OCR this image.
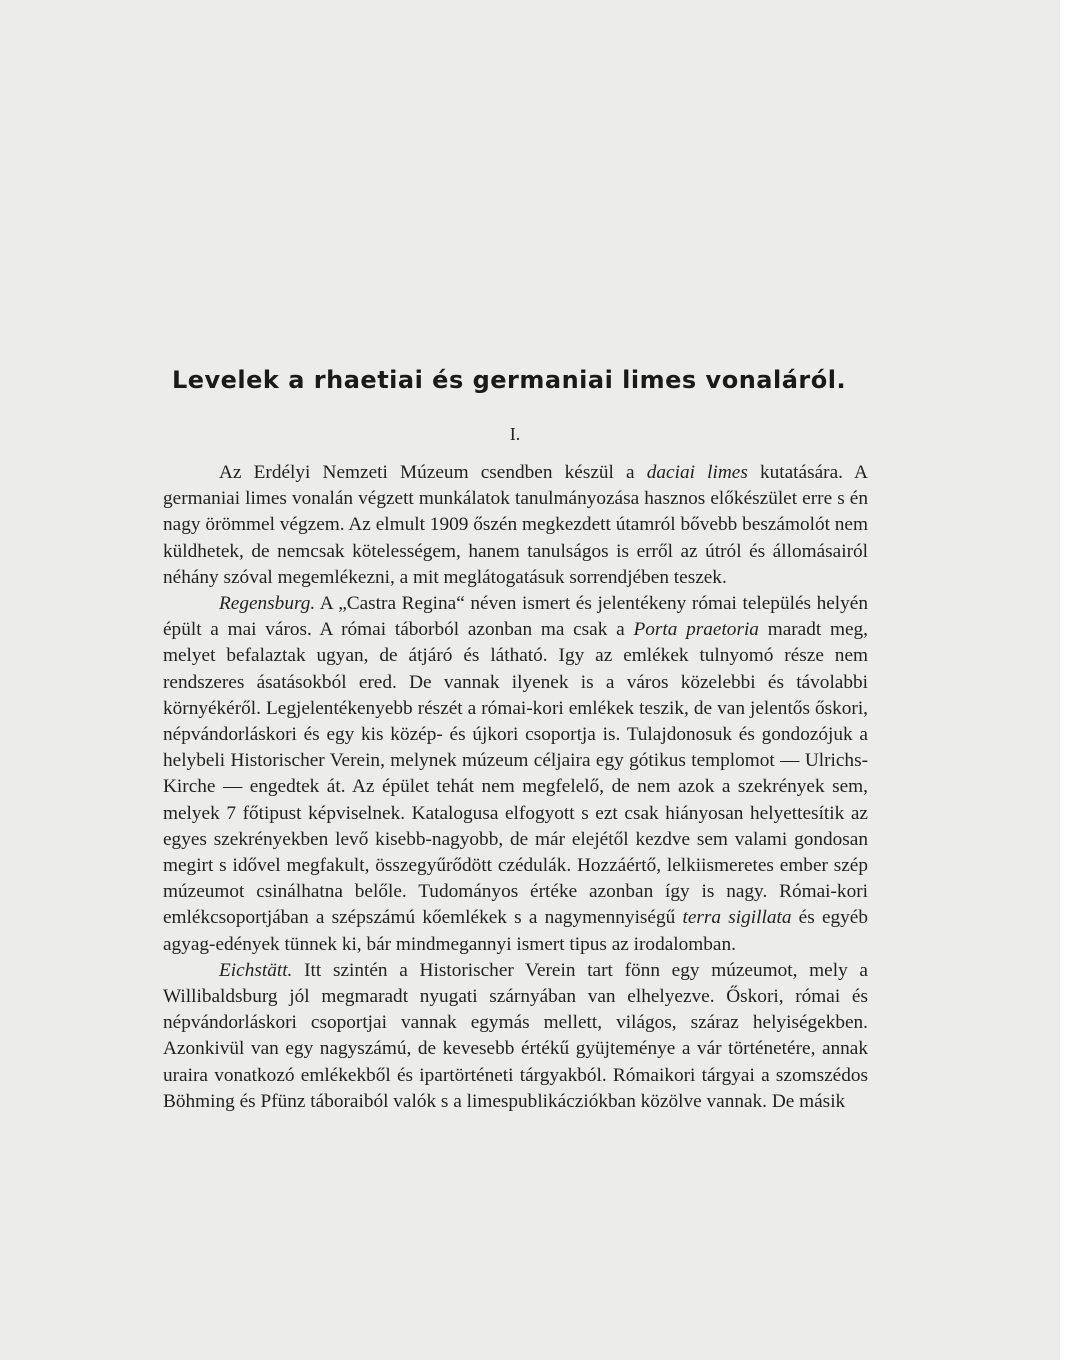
Levelek a rhaetiai és germaniai limes vonaláról.
I.

Az Erdélyi Nemzeti Múzeum csendben készül a daciai limes kutatására. A germaniai limes vonalán végzett munkálatok tanulmányozása hasznos előkészület erre s én nagy örömmel végzem. Az elmult 1909 őszén megkezdett útamról bővebb beszámolót nem küldhetek, de nemcsak kötelességem, hanem tanulságos is erről az útról és állomásairól néhány szóval megemlékezni, a mit meglátogatásuk sorrendjében teszek.

Regensburg. A „Castra Regina“ néven ismert és jelentékeny római település helyén épült a mai város. A római táborból azonban ma csak a Porta praetoria maradt meg, melyet befalaztak ugyan, de átjáró és látható. Igy az emlékek tulnyomó része nem rendszeres ásatásokból ered. De vannak ilyenek is a város közelebbi és távolabbi környékéről. Legjelentékenyebb részét a római-kori emlékek teszik, de van jelentős őskori, népvándorláskori és egy kis közép- és újkori csoportja is. Tulajdonosuk és gondozójuk a helybeli Historischer Verein, melynek múzeum céljaira egy gótikus templomot — Ulrichs-Kirche — engedtek át. Az épület tehát nem megfelelő, de nem azok a szekrények sem, melyek 7 főtipust képviselnek. Katalogusa elfogyott s ezt csak hiányosan helyettesítik az egyes szekrényekben levő kisebb-nagyobb, de már elejétől kezdve sem valami gondosan megirt s idővel megfakult, összegyűrődött czédulák. Hozzáértő, lelkiismeretes ember szép múzeumot csinálhatna belőle. Tudományos értéke azonban így is nagy. Római-kori emlékcsoportjában a szépszámú kőemlékek s a nagymennyiségű terra sigillata és egyéb agyag-edények tünnek ki, bár mindmegannyi ismert tipus az irodalomban.

Eichstätt. Itt szintén a Historischer Verein tart fönn egy múzeumot, mely a Willibaldsburg jól megmaradt nyugati szárnyában van elhelyezve. Őskori, római és népvándorláskori csoportjai vannak egymás mellett, világos, száraz helyiségekben. Azonkivül van egy nagyszámú, de kevesebb értékű gyüjteménye a vár történetére, annak uraira vonatkozó emlékekből és ipartörténeti tárgyakból. Rómaikori tárgyai a szomszédos Böhming és Pfünz táboraiból valók s a limespublikácziókban közölve vannak. De másik
